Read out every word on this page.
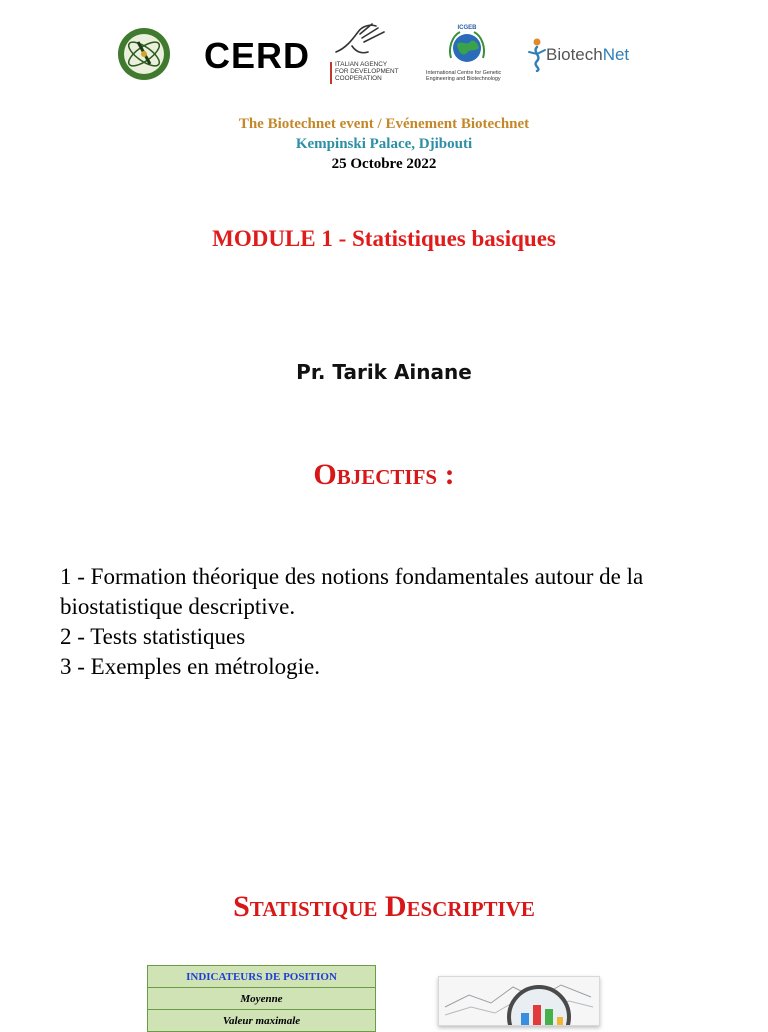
CERD	ITALIAN AGENCY
FOR DEVELOPMENT
COOPERATION
ICGEB
International Centre for Genetic Engineering and Biotechnology
BiotechNet
The Biotechnet event / Evénement Biotechnet
Kempinski Palace, Djibouti
25 Octobre 2022
MODULE 1 - Statistiques basiques
Pr. Tarik Ainane
Objectifs :
1 - Formation théorique des notions fondamentales autour de la biostatistique descriptive.
2 - Tests statistiques
3 - Exemples en métrologie.
Statistique Descriptive
INDICATEURS DE POSITION
Moyenne
Valeur maximale
